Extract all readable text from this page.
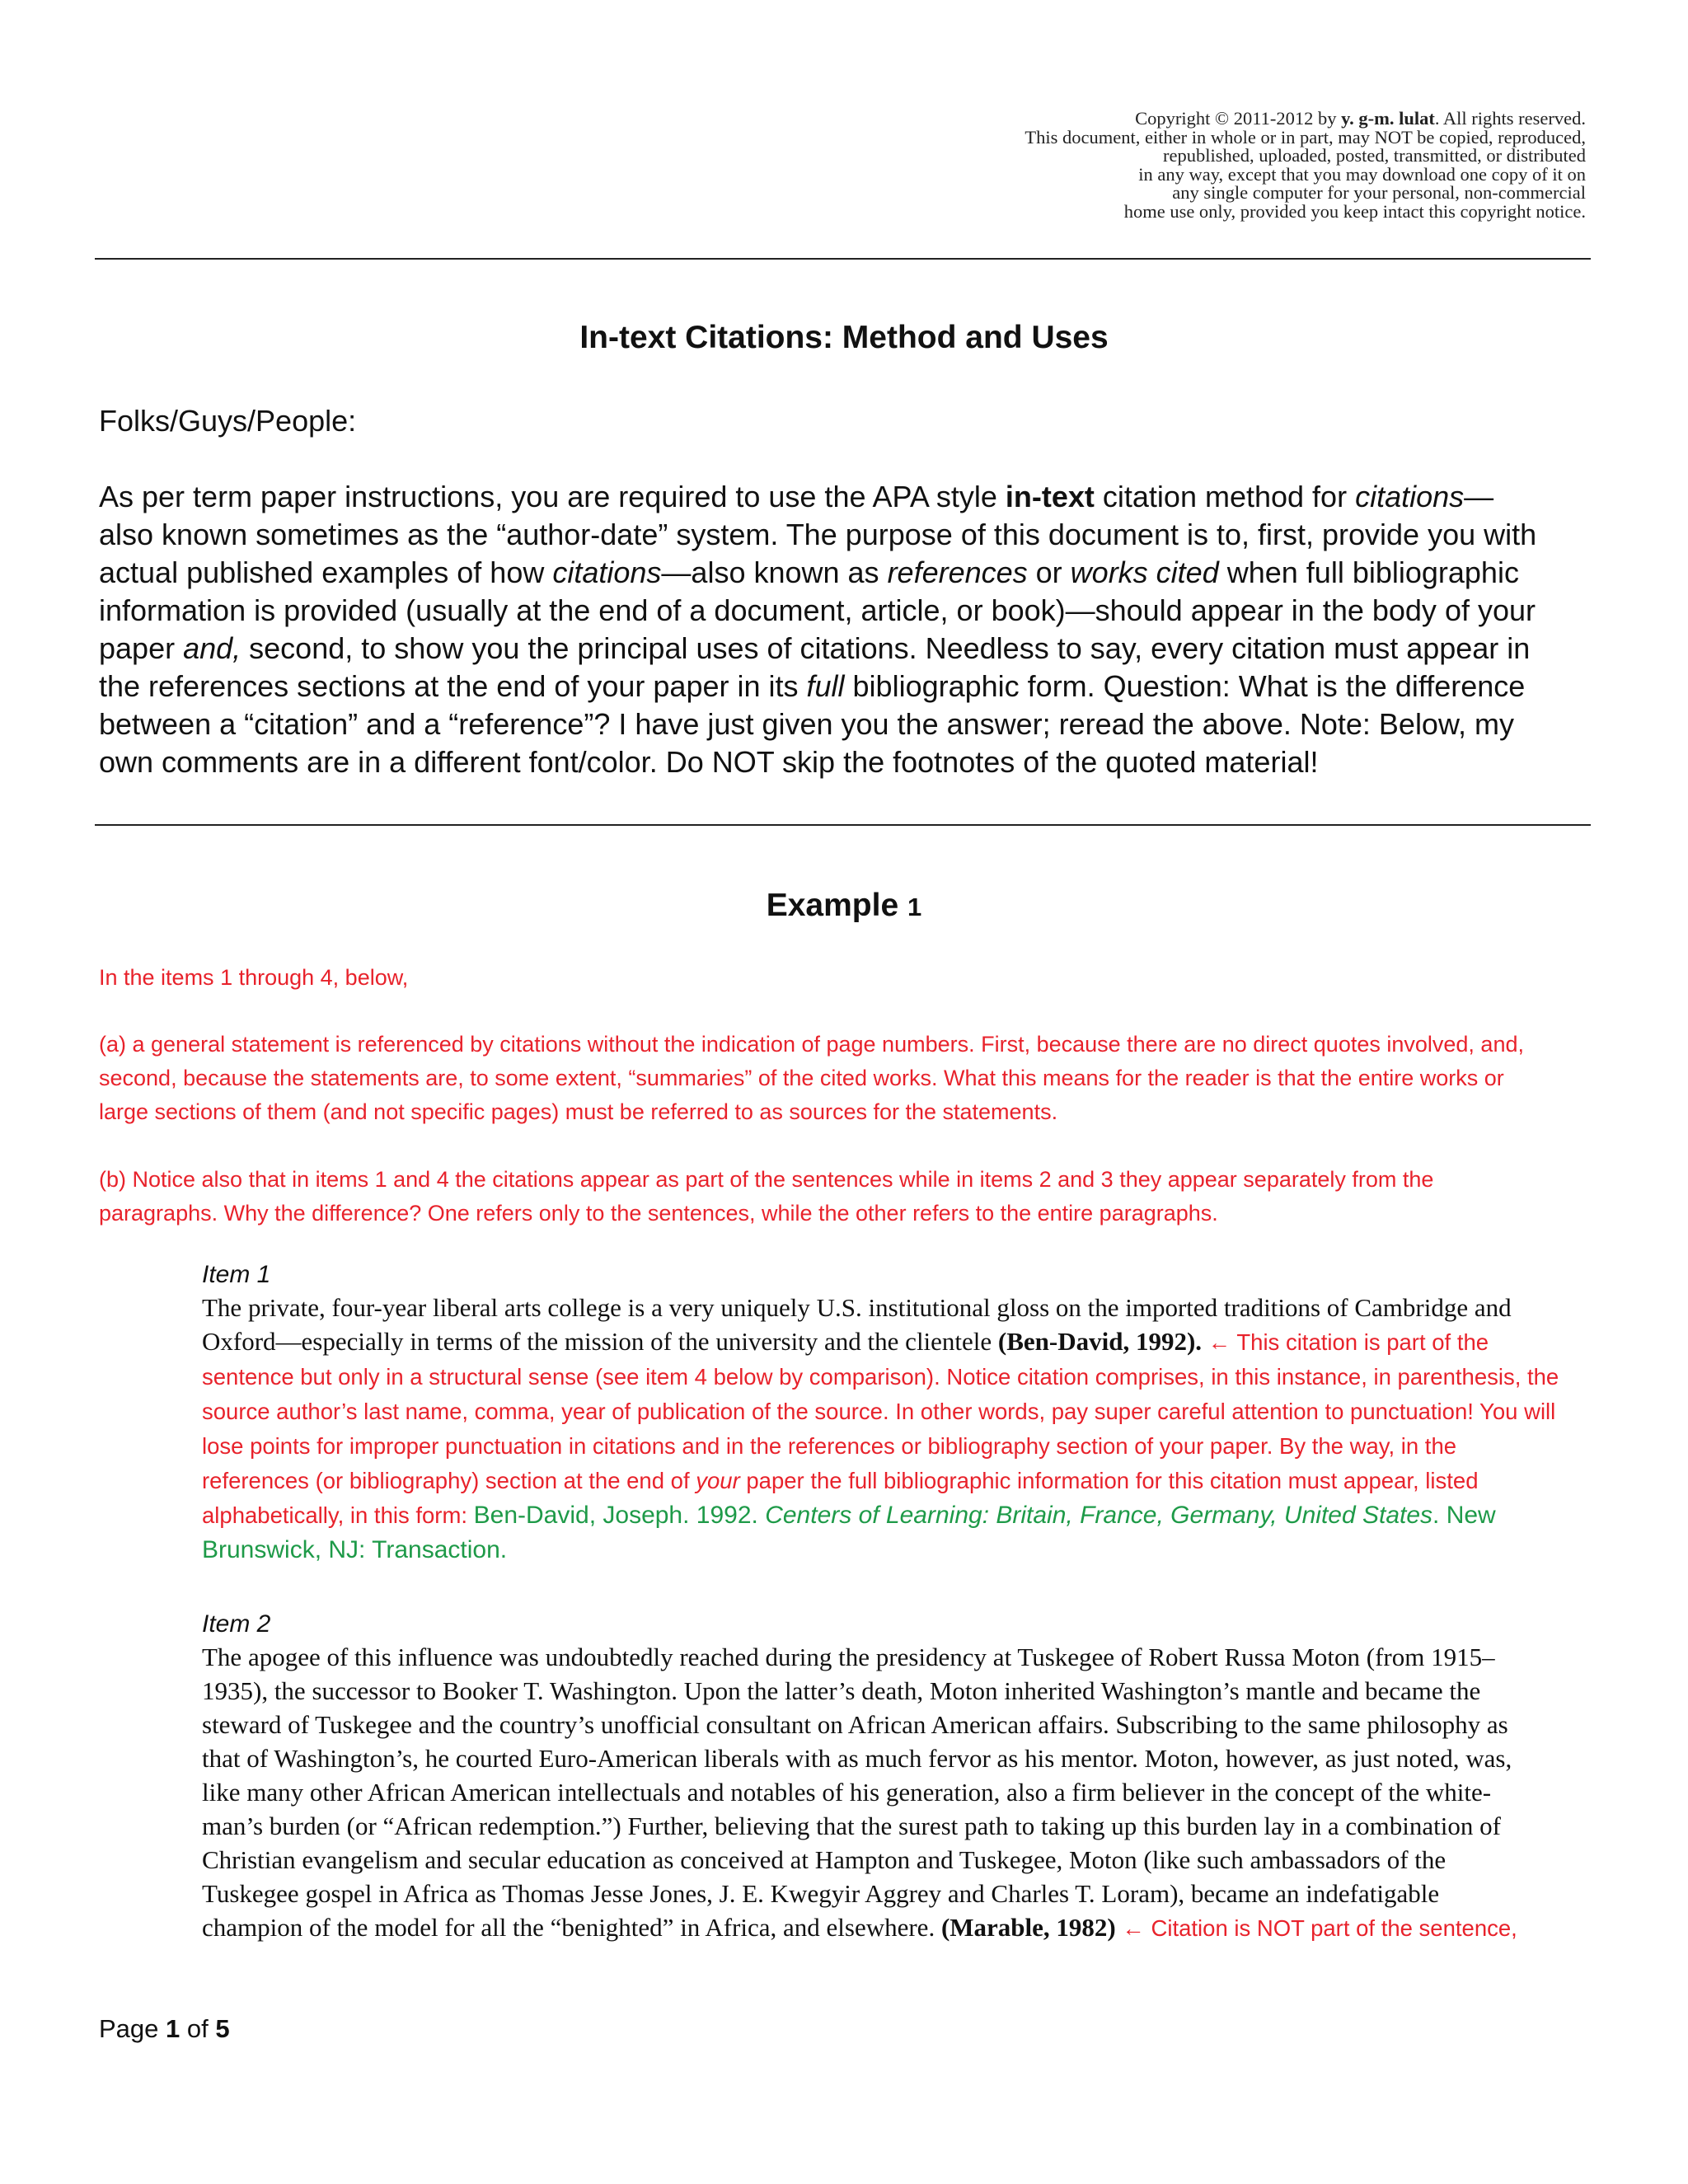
Copyright © 2011-2012 by y. g-m. lulat. All rights reserved.
This document, either in whole or in part, may NOT be copied, reproduced,
republished, uploaded, posted, transmitted, or distributed
in any way, except that you may download one copy of it on
any single computer for your personal, non-commercial
home use only, provided you keep intact this copyright notice.
In-text Citations: Method and Uses
Folks/Guys/People:
As per term paper instructions, you are required to use the APA style in-text citation method for citations—
also known sometimes as the “author-date” system. The purpose of this document is to, first, provide you with
actual published examples of how citations—also known as references or works cited when full bibliographic
information is provided (usually at the end of a document, article, or book)—should appear in the body of your
paper and, second, to show you the principal uses of citations. Needless to say, every citation must appear in
the references sections at the end of your paper in its full bibliographic form. Question: What is the difference
between a “citation” and a “reference”? I have just given you the answer; reread the above. Note: Below, my
own comments are in a different font/color. Do NOT skip the footnotes of the quoted material!
Example 1
In the items 1 through 4, below,
(a) a general statement is referenced by citations without the indication of page numbers. First, because there are no direct quotes involved, and,
second, because the statements are, to some extent, “summaries” of the cited works. What this means for the reader is that the entire works or
large sections of them (and not specific pages) must be referred to as sources for the statements.
(b) Notice also that in items 1 and 4 the citations appear as part of the sentences while in items 2 and 3 they appear separately from the
paragraphs. Why the difference? One refers only to the sentences, while the other refers to the entire paragraphs.
Item 1
The private, four-year liberal arts college is a very uniquely U.S. institutional gloss on the imported traditions of Cambridge and
Oxford—especially in terms of the mission of the university and the clientele (Ben-David, 1992). ← This citation is part of the
sentence but only in a structural sense (see item 4 below by comparison). Notice citation comprises, in this instance, in parenthesis, the
source author’s last name, comma, year of publication of the source. In other words, pay super careful attention to punctuation! You will
lose points for improper punctuation in citations and in the references or bibliography section of your paper. By the way, in the
references (or bibliography) section at the end of your paper the full bibliographic information for this citation must appear, listed
alphabetically, in this form: Ben-David, Joseph. 1992. Centers of Learning: Britain, France, Germany, United States. New
Brunswick, NJ: Transaction.
Item 2
The apogee of this influence was undoubtedly reached during the presidency at Tuskegee of Robert Russa Moton (from 1915–
1935), the successor to Booker T. Washington. Upon the latter’s death, Moton inherited Washington’s mantle and became the
steward of Tuskegee and the country’s unofficial consultant on African American affairs. Subscribing to the same philosophy as
that of Washington’s, he courted Euro-American liberals with as much fervor as his mentor. Moton, however, as just noted, was,
like many other African American intellectuals and notables of his generation, also a firm believer in the concept of the white-
man’s burden (or “African redemption.”) Further, believing that the surest path to taking up this burden lay in a combination of
Christian evangelism and secular education as conceived at Hampton and Tuskegee, Moton (like such ambassadors of the
Tuskegee gospel in Africa as Thomas Jesse Jones, J. E. Kwegyir Aggrey and Charles T. Loram), became an indefatigable
champion of the model for all the “benighted” in Africa, and elsewhere. (Marable, 1982) ← Citation is NOT part of the sentence,
Page 1 of 5
